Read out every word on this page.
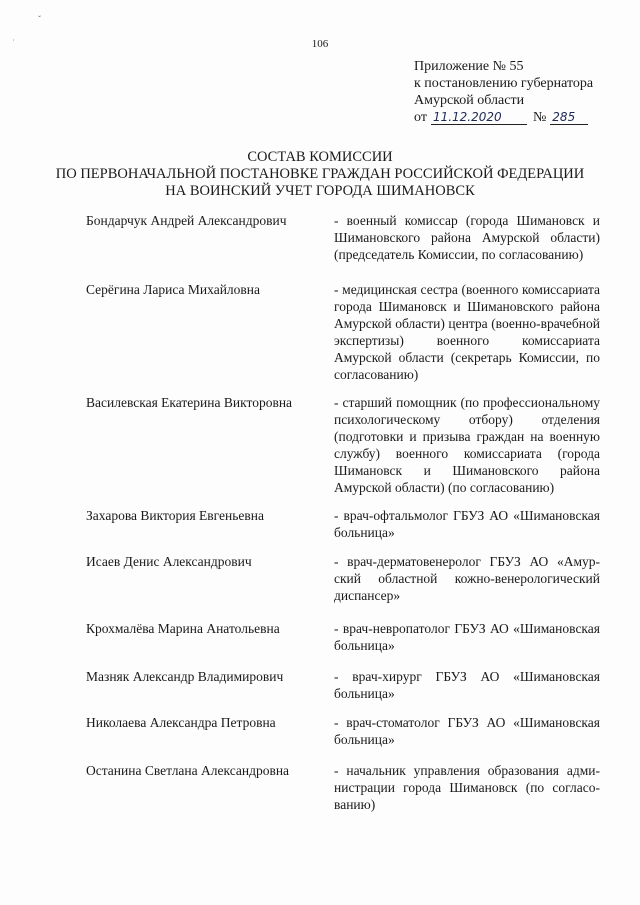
106
ˇ
˙
Приложение № 55
к постановлению губернатора
Амурской области
от 11.12.2020 № 285
СОСТАВ КОМИССИИ
ПО ПЕРВОНАЧАЛЬНОЙ ПОСТАНОВКЕ ГРАЖДАН РОССИЙСКОЙ ФЕДЕРАЦИИ
НА ВОИНСКИЙ УЧЕТ ГОРОДА ШИМАНОВСК
Бондарчук Андрей Александрович	- военный комиссар (города Шимановск и Шимановского района Амурской области) (председатель Комиссии, по согласованию)
Серёгина Лариса Михайловна	- медицинская сестра (военного комиссариата города Шимановск и Шимановского района Амурской области) центра (военно-врачебной экспертизы) военного комиссариата Амурской области (секретарь Комиссии, по согласованию)
Василевская Екатерина Викторовна	- старший помощник (по профессиональному психологическому отбору) отделения (подготовки и призыва граждан на военную службу) военного комиссариата (города Шимановск и Шимановского района Амурской области) (по согласованию)
Захарова Виктория Евгеньевна	- врач-офтальмолог ГБУЗ АО «Шимановская больница»
Исаев Денис Александрович	- врач-дерматовенеролог ГБУЗ АО «Амурский областной кожно-венерологический диспансер»
Крохмалёва Марина Анатольевна	- врач-невропатолог ГБУЗ АО «Шимановская больница»
Мазняк Александр Владимирович	- врач-хирург ГБУЗ АО «Шимановская больница»
Николаева Александра Петровна	- врач-стоматолог ГБУЗ АО «Шимановская больница»
Останина Светлана Александровна	- начальник управления образования администрации города Шимановск (по согласованию)
